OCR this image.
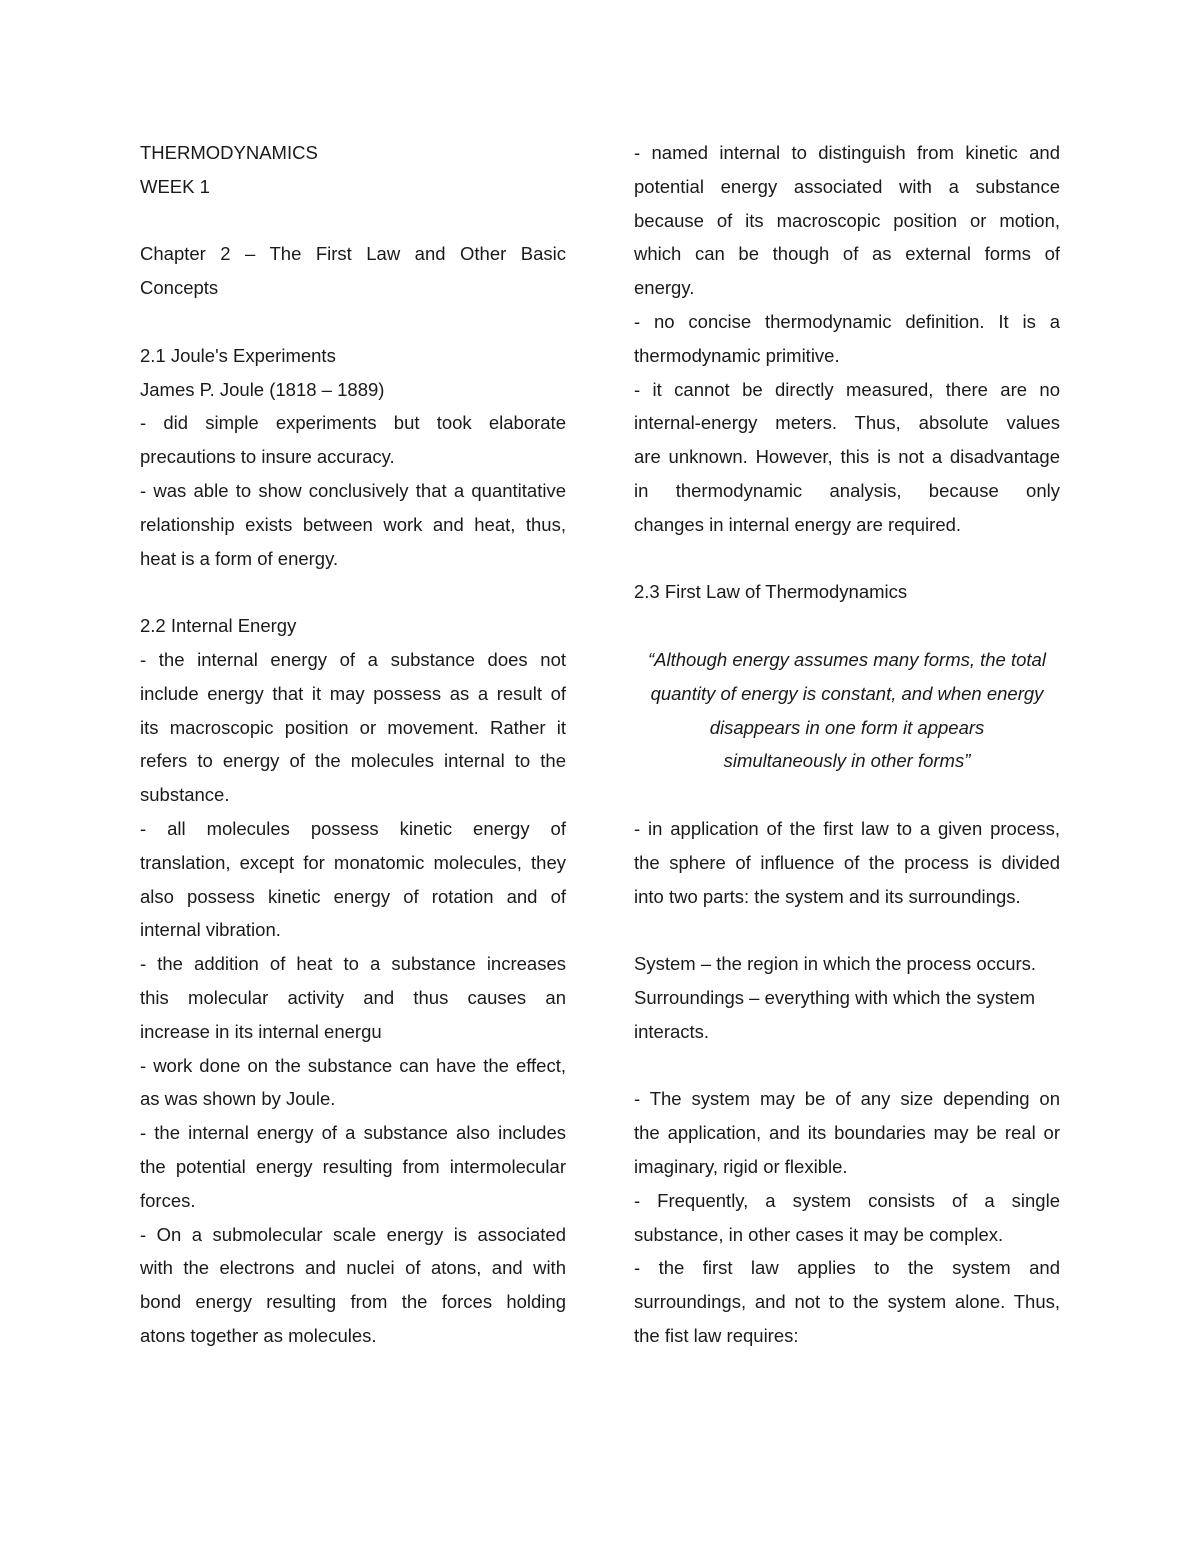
THERMODYNAMICS
WEEK 1
Chapter 2 – The First Law and Other Basic
Concepts
2.1 Joule's Experiments
James P. Joule (1818 – 1889)
- did simple experiments but took elaborate
precautions to insure accuracy.
- was able to show conclusively that a quantitative
relationship exists between work and heat, thus,
heat is a form of energy.
2.2 Internal Energy
- the internal energy of a substance does not
include energy that it may possess as a result of
its macroscopic position or movement. Rather it
refers to energy of the molecules internal to the
substance.
- all molecules possess kinetic energy of
translation, except for monatomic molecules, they
also possess kinetic energy of rotation and of
internal vibration.
- the addition of heat to a substance increases
this molecular activity and thus causes an
increase in its internal energu
- work done on the substance can have the effect,
as was shown by Joule.
- the internal energy of a substance also includes
the potential energy resulting from intermolecular
forces.
- On a submolecular scale energy is associated
with the electrons and nuclei of atons, and with
bond energy resulting from the forces holding
atons together as molecules.
- named internal to distinguish from kinetic and
potential energy associated with a substance
because of its macroscopic position or motion,
which can be though of as external forms of
energy.
- no concise thermodynamic definition. It is a
thermodynamic primitive.
- it cannot be directly measured, there are no
internal-energy meters. Thus, absolute values
are unknown. However, this is not a disadvantage
in thermodynamic analysis, because only
changes in internal energy are required.
2.3 First Law of Thermodynamics
“Although energy assumes many forms, the total
quantity of energy is constant, and when energy
disappears in one form it appears
simultaneously in other forms”
- in application of the first law to a given process,
the sphere of influence of the process is divided
into two parts: the system and its surroundings.
System – the region in which the process occurs.
Surroundings – everything with which the system
interacts.
- The system may be of any size depending on
the application, and its boundaries may be real or
imaginary, rigid or flexible.
- Frequently, a system consists of a single
substance, in other cases it may be complex.
- the first law applies to the system and
surroundings, and not to the system alone. Thus,
the fist law requires:
